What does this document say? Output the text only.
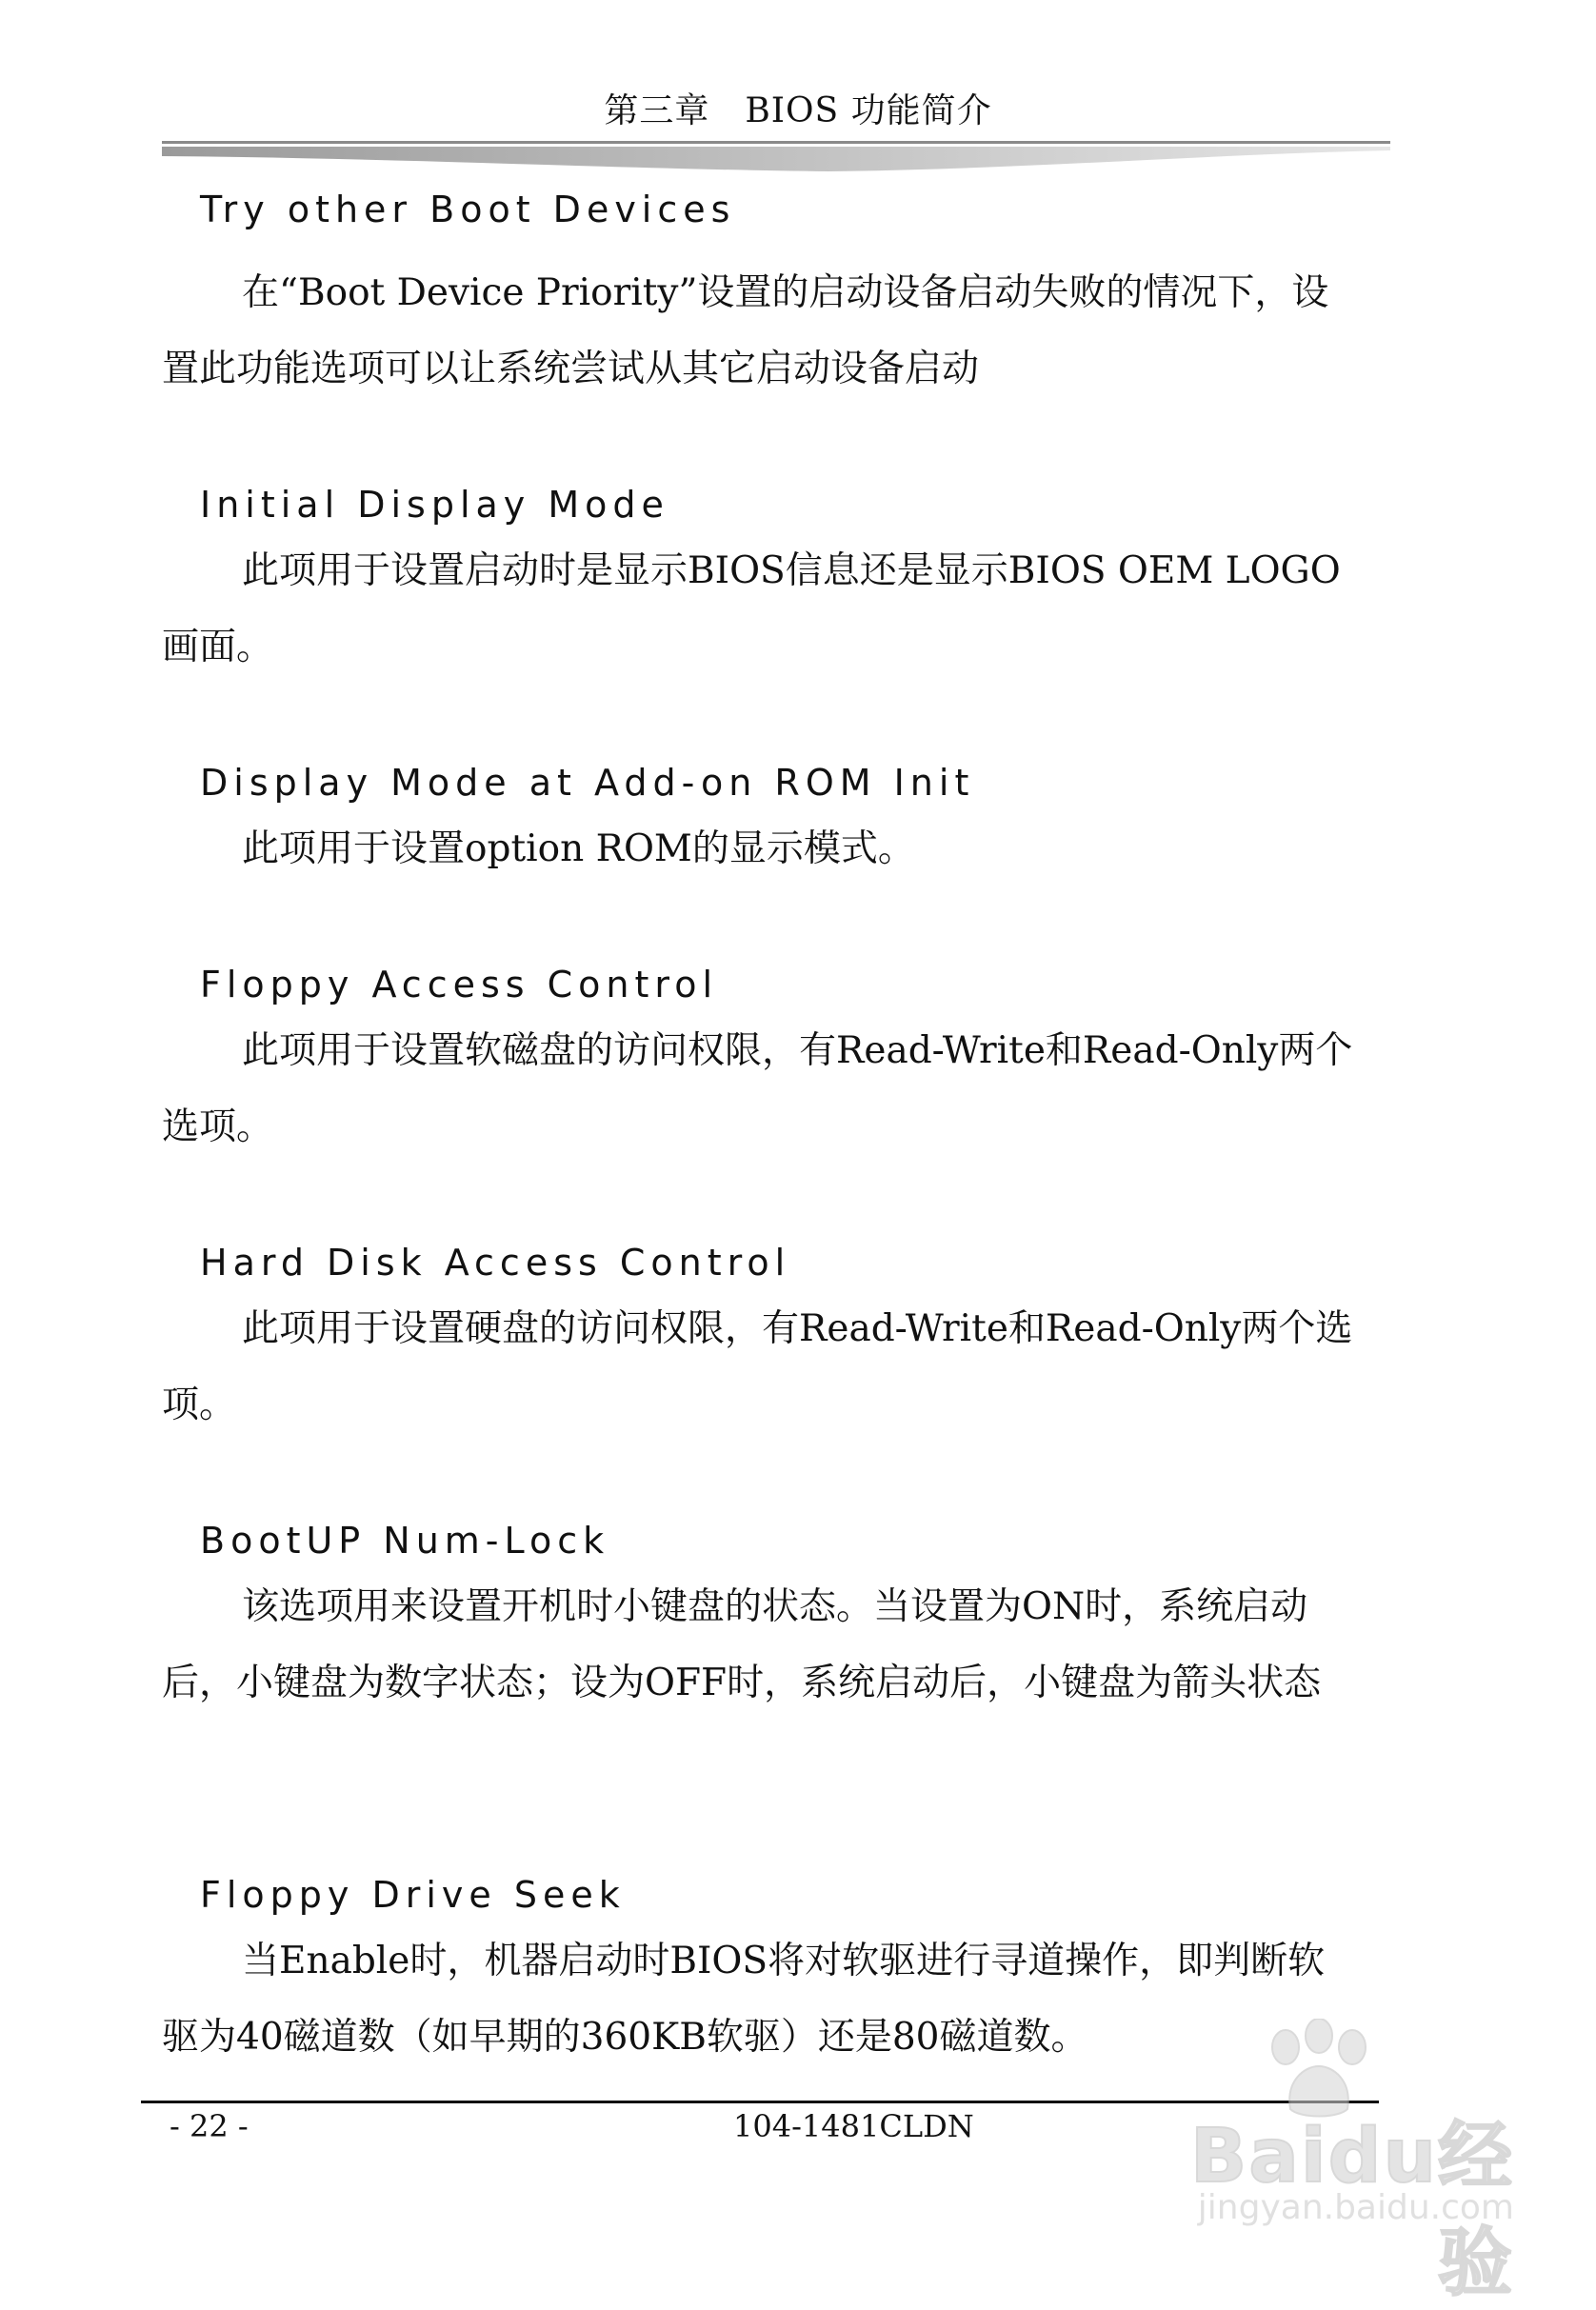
第三章　BIOS 功能简介
Try other Boot Devices

在“Boot Device Priority”设置的启动设备启动失败的情况下，设置此功能选项可以让系统尝试从其它启动设备启动

Initial Display Mode

此项用于设置启动时是显示BIOS信息还是显示BIOS OEM LOGO画面。

Display Mode at Add-on ROM Init

此项用于设置option ROM的显示模式。

Floppy Access Control

此项用于设置软磁盘的访问权限，有Read-Write和Read-Only两个选项。

Hard Disk Access Control

此项用于设置硬盘的访问权限，有Read-Write和Read-Only两个选项。

BootUP Num-Lock

该选项用来设置开机时小键盘的状态。当设置为ON时，系统启动后，小键盘为数字状态；设为OFF时，系统启动后，小键盘为箭头状态

Floppy Drive Seek

当Enable时，机器启动时BIOS将对软驱进行寻道操作，即判断软驱为40磁道数（如早期的360KB软驱）还是80磁道数。

- 22 -	104-1481CLDN	Baidu经验
jingyan.baidu.com
